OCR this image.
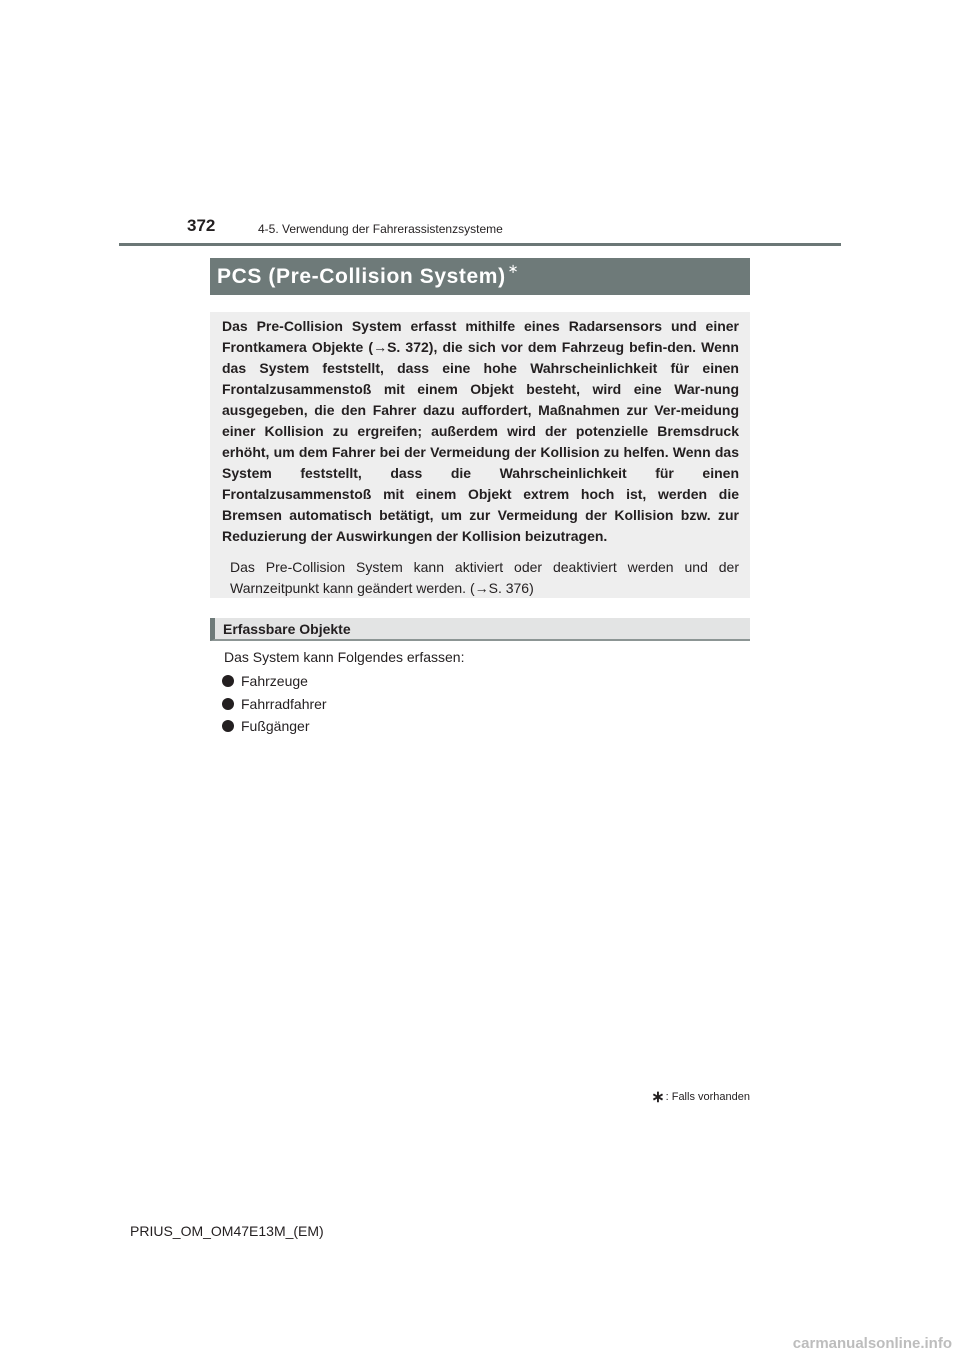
372	4-5. Verwendung der Fahrerassistenzsysteme
PCS (Pre-Collision System) ∗

Das Pre-Collision System erfasst mithilfe eines Radarsensors und einer Frontkamera Objekte (→S. 372), die sich vor dem Fahrzeug befin-den. Wenn das System feststellt, dass eine hohe Wahrscheinlichkeit für einen Frontalzusammenstoß mit einem Objekt besteht, wird eine War-nung ausgegeben, die den Fahrer dazu auffordert, Maßnahmen zur Ver-meidung einer Kollision zu ergreifen; außerdem wird der potenzielle Bremsdruck erhöht, um dem Fahrer bei der Vermeidung der Kollision zu helfen. Wenn das System feststellt, dass die Wahrscheinlichkeit für einen Frontalzusammenstoß mit einem Objekt extrem hoch ist, werden die Bremsen automatisch betätigt, um zur Vermeidung der Kollision bzw. zur Reduzierung der Auswirkungen der Kollision beizutragen.

Das Pre-Collision System kann aktiviert oder deaktiviert werden und der Warnzeitpunkt kann geändert werden. (→S. 376)

Erfassbare Objekte
Das System kann Folgendes erfassen:
Fahrzeuge
Fahrradfahrer
Fußgänger
∗ : Falls vorhanden
PRIUS_OM_OM47E13M_(EM)
carmanualsonline.info
